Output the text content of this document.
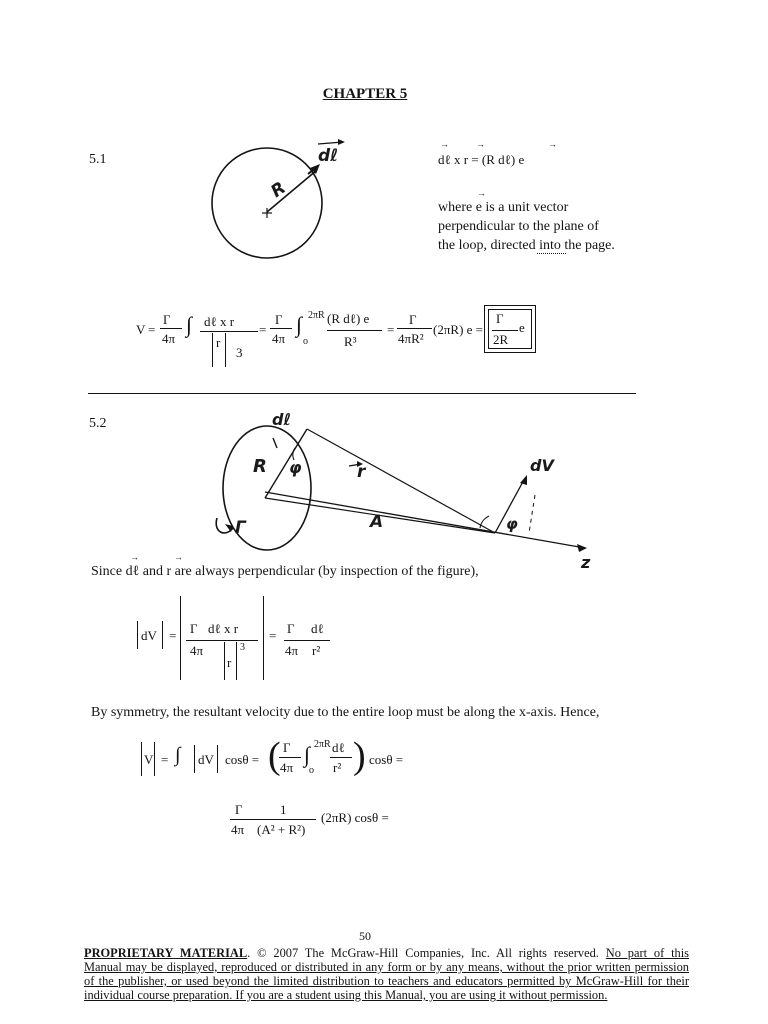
CHAPTER 5
5.1	dℓ
R
dℓ x r = (R dℓ) e
→	→	→
where e is a unit vector
perpendicular to the plane of
the loop, directed into the page.
→
V =
Γ
4π
∫ dℓ x r
r
3
=
Γ
4π
∫ 2πR
o
(R dℓ) e
R³
=
Γ
4πR²
(2πR) e =
Γ
e
2R
5.2	dℓ
R φ	r	dV
A	φ
Γ
z
Since dℓ and r are always perpendicular (by inspection of the figure),
→	→
dV = Γ dℓ x r
4π
r
3
= Γ dℓ
4π r²
By symmetry, the resultant velocity due to the entire loop must be along the x-axis. Hence,
V = ∫ dV cosθ = ( Γ
4π
∫ 2πR
o
dℓ
r² ) cosθ =
Γ	1
4π (A² + R²)
(2πR) cosθ =
50
PROPRIETARY MATERIAL. © 2007 The McGraw-Hill Companies, Inc. All rights reserved. No part of this
Manual may be displayed, reproduced or distributed in any form or by any means, without the prior written permission
of the publisher, or used beyond the limited distribution to teachers and educators permitted by McGraw-Hill for their
individual course preparation. If you are a student using this Manual, you are using it without permission.
